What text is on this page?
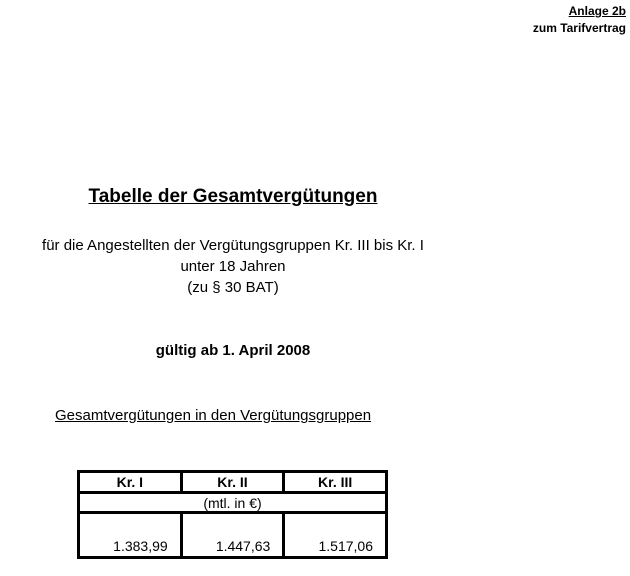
Anlage 2b
zum Tarifvertrag
Tabelle der Gesamtvergütungen
für die Angestellten der Vergütungsgruppen Kr. III bis Kr. I
unter 18 Jahren
(zu § 30 BAT)
gültig ab 1. April 2008
Gesamtvergütungen in den Vergütungsgruppen
Kr. I	Kr. II	Kr. III
(mtl. in €)		
1.383,99	1.447,63	1.517,06
